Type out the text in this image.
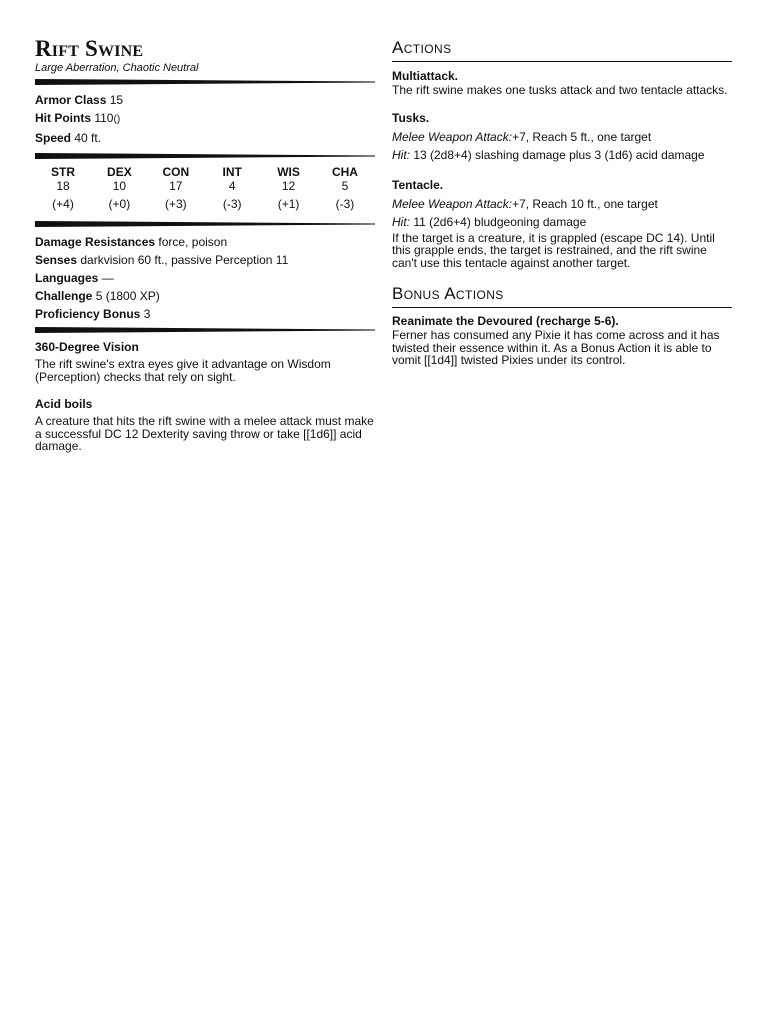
Rift Swine
Large Aberration, Chaotic Neutral
Armor Class 15
Hit Points 110()
Speed 40 ft.
STR
18
(+4)
DEX
10
(+0)
CON
17
(+3)
INT
4
(-3)
WIS
12
(+1)
CHA
5
(-3)
Damage Resistances force, poison
Senses darkvision 60 ft., passive Perception 11
Languages —
Challenge 5 (1800 XP)
Proficiency Bonus 3
360-Degree Vision
The rift swine's extra eyes give it advantage on Wisdom (Perception) checks that rely on sight.
Acid boils
A creature that hits the rift swine with a melee attack must make a successful DC 12 Dexterity saving throw or take [[1d6]] acid damage.
Actions
Multiattack.
The rift swine makes one tusks attack and two tentacle attacks.
Tusks.
Melee Weapon Attack:+7, Reach 5 ft., one target
Hit: 13 (2d8+4) slashing damage plus 3 (1d6) acid damage
Tentacle.
Melee Weapon Attack:+7, Reach 10 ft., one target
Hit: 11 (2d6+4) bludgeoning damage
If the target is a creature, it is grappled (escape DC 14). Until this grapple ends, the target is restrained, and the rift swine can't use this tentacle against another target.
Bonus Actions
Reanimate the Devoured (recharge 5-6).
Ferner has consumed any Pixie it has come across and it has twisted their essence within it. As a Bonus Action it is able to vomit [[1d4]] twisted Pixies under its control.
